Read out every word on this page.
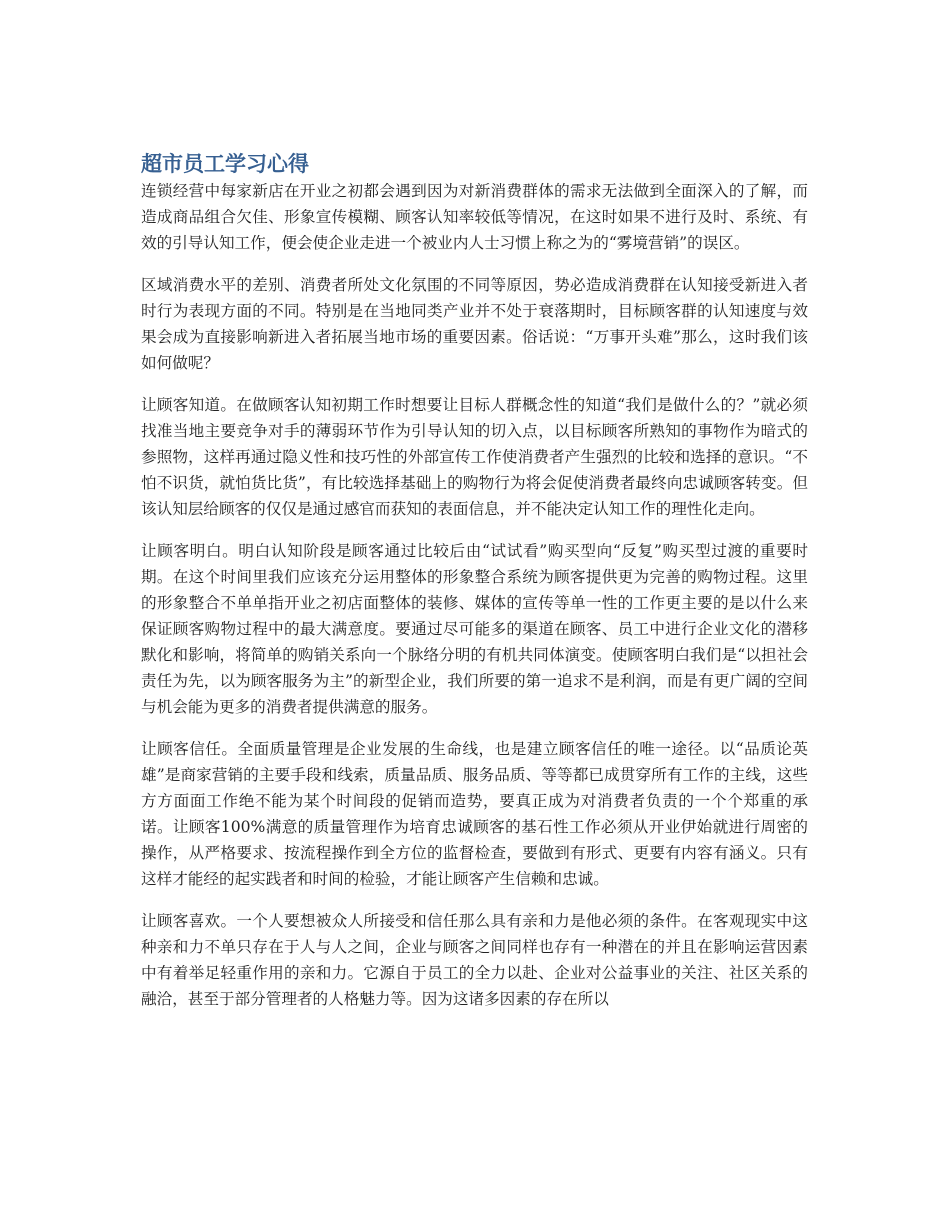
超市员工学习心得

连锁经营中每家新店在开业之初都会遇到因为对新消费群体的需求无法做到全面深入的了解，而造成商品组合欠佳、形象宣传模糊、顾客认知率较低等情况，在这时如果不进行及时、系统、有效的引导认知工作，便会使企业走进一个被业内人士习惯上称之为的“雾境营销”的误区。

区域消费水平的差别、消费者所处文化氛围的不同等原因，势必造成消费群在认知接受新进入者时行为表现方面的不同。特别是在当地同类产业并不处于衰落期时，目标顾客群的认知速度与效果会成为直接影响新进入者拓展当地市场的重要因素。俗话说：“万事开头难”那么，这时我们该如何做呢？

让顾客知道。在做顾客认知初期工作时想要让目标人群概念性的知道“我们是做什么的？”就必须找准当地主要竞争对手的薄弱环节作为引导认知的切入点，以目标顾客所熟知的事物作为暗式的参照物，这样再通过隐义性和技巧性的外部宣传工作使消费者产生强烈的比较和选择的意识。“不怕不识货，就怕货比货”，有比较选择基础上的购物行为将会促使消费者最终向忠诚顾客转变。但该认知层给顾客的仅仅是通过感官而获知的表面信息，并不能决定认知工作的理性化走向。

让顾客明白。明白认知阶段是顾客通过比较后由“试试看”购买型向“反复”购买型过渡的重要时期。在这个时间里我们应该充分运用整体的形象整合系统为顾客提供更为完善的购物过程。这里的形象整合不单单指开业之初店面整体的装修、媒体的宣传等单一性的工作更主要的是以什么来保证顾客购物过程中的最大满意度。要通过尽可能多的渠道在顾客、员工中进行企业文化的潜移默化和影响，将简单的购销关系向一个脉络分明的有机共同体演变。使顾客明白我们是“以担社会责任为先，以为顾客服务为主”的新型企业，我们所要的第一追求不是利润，而是有更广阔的空间与机会能为更多的消费者提供满意的服务。

让顾客信任。全面质量管理是企业发展的生命线，也是建立顾客信任的唯一途径。以“品质论英雄”是商家营销的主要手段和线索，质量品质、服务品质、等等都已成贯穿所有工作的主线，这些方方面面工作绝不能为某个时间段的促销而造势，要真正成为对消费者负责的一个个郑重的承诺。让顾客100%满意的质量管理作为培育忠诚顾客的基石性工作必须从开业伊始就进行周密的操作，从严格要求、按流程操作到全方位的监督检查，要做到有形式、更要有内容有涵义。只有这样才能经的起实践者和时间的检验，才能让顾客产生信赖和忠诚。

让顾客喜欢。一个人要想被众人所接受和信任那么具有亲和力是他必须的条件。在客观现实中这种亲和力不单只存在于人与人之间，企业与顾客之间同样也存有一种潜在的并且在影响运营因素中有着举足轻重作用的亲和力。它源自于员工的全力以赴、企业对公益事业的关注、社区关系的融洽，甚至于部分管理者的人格魅力等。因为这诸多因素的存在所以
